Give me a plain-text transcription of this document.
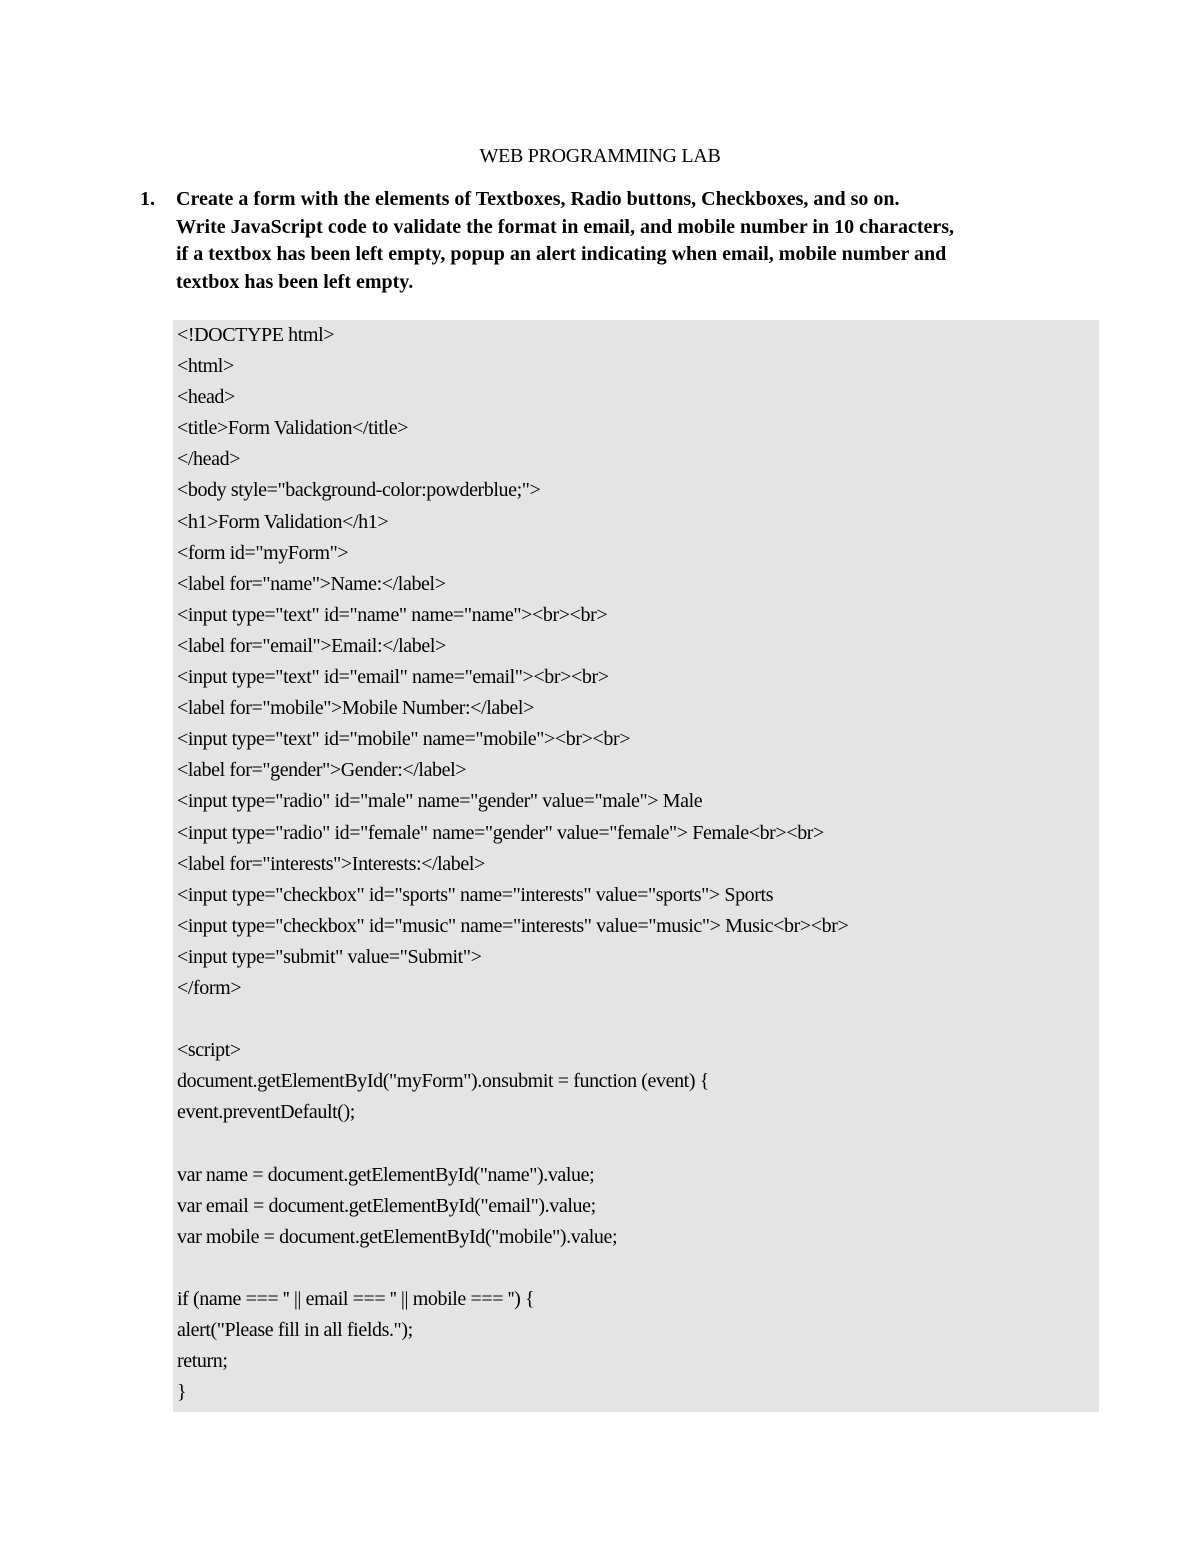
WEB PROGRAMMING LAB
1.	Create a form with the elements of Textboxes, Radio buttons, Checkboxes, and so on.
Write JavaScript code to validate the format in email, and mobile number in 10 characters,
if a textbox has been left empty, popup an alert indicating when email, mobile number and
textbox has been left empty.
<!DOCTYPE html>
<html>
<head>
<title>Form Validation</title>
</head>
<body style="background-color:powderblue;">
<h1>Form Validation</h1>
<form id="myForm">
<label for="name">Name:</label>
<input type="text" id="name" name="name"><br><br>
<label for="email">Email:</label>
<input type="text" id="email" name="email"><br><br>
<label for="mobile">Mobile Number:</label>
<input type="text" id="mobile" name="mobile"><br><br>
<label for="gender">Gender:</label>
<input type="radio" id="male" name="gender" value="male"> Male
<input type="radio" id="female" name="gender" value="female"> Female<br><br>
<label for="interests">Interests:</label>
<input type="checkbox" id="sports" name="interests" value="sports"> Sports
<input type="checkbox" id="music" name="interests" value="music"> Music<br><br>
<input type="submit" value="Submit">
</form>
<script>
document.getElementById("myForm").onsubmit = function (event) {
event.preventDefault();
var name = document.getElementById("name").value;
var email = document.getElementById("email").value;
var mobile = document.getElementById("mobile").value;
if (name === '' || email === '' || mobile === '') {
alert("Please fill in all fields.");
return;
}
